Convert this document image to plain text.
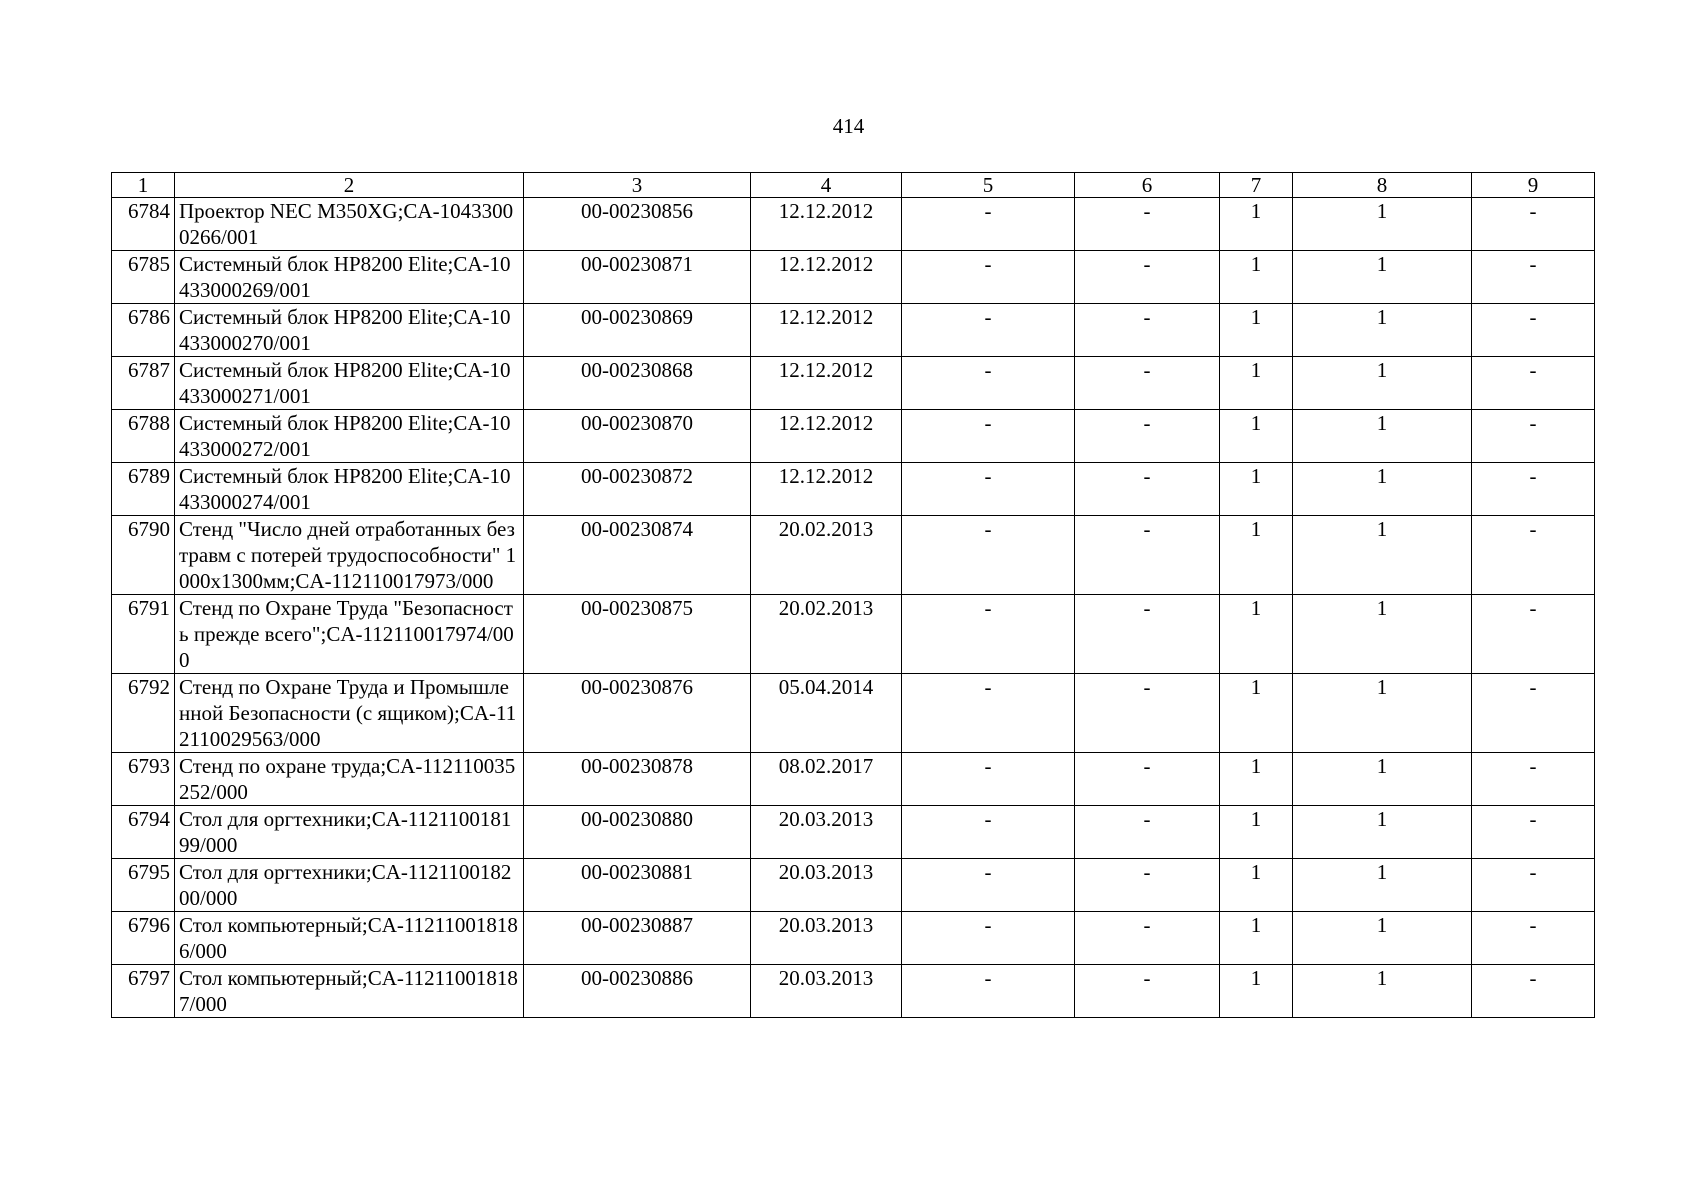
414
1	2	3	4	5	6	7	8	9
6784	Проектор NEC M350XG;CA-10433000266/001	00-00230856	12.12.2012	-	-	1	1	-
6785	Системный блок HP8200 Elite;CA-10433000269/001	00-00230871	12.12.2012	-	-	1	1	-
6786	Системный блок HP8200 Elite;CA-10433000270/001	00-00230869	12.12.2012	-	-	1	1	-
6787	Системный блок HP8200 Elite;CA-10433000271/001	00-00230868	12.12.2012	-	-	1	1	-
6788	Системный блок HP8200 Elite;CA-10433000272/001	00-00230870	12.12.2012	-	-	1	1	-
6789	Системный блок HP8200 Elite;CA-10433000274/001	00-00230872	12.12.2012	-	-	1	1	-
6790	Стенд "Число дней отработанных без травм с потерей трудоспособности" 1000х1300мм;CA-112110017973/000	00-00230874	20.02.2013	-	-	1	1	-
6791	Стенд по Охране Труда "Безопасность прежде всего";CA-112110017974/000	00-00230875	20.02.2013	-	-	1	1	-
6792	Стенд по Охране Труда и Промышленной Безопасности (с ящиком);CA-112110029563/000	00-00230876	05.04.2014	-	-	1	1	-
6793	Стенд по охране труда;CA-112110035252/000	00-00230878	08.02.2017	-	-	1	1	-
6794	Стол для оргтехники;CA-112110018199/000	00-00230880	20.03.2013	-	-	1	1	-
6795	Стол для оргтехники;CA-112110018200/000	00-00230881	20.03.2013	-	-	1	1	-
6796	Стол компьютерный;CA-112110018186/000	00-00230887	20.03.2013	-	-	1	1	-
6797	Стол компьютерный;CA-112110018187/000	00-00230886	20.03.2013	-	-	1	1	-
